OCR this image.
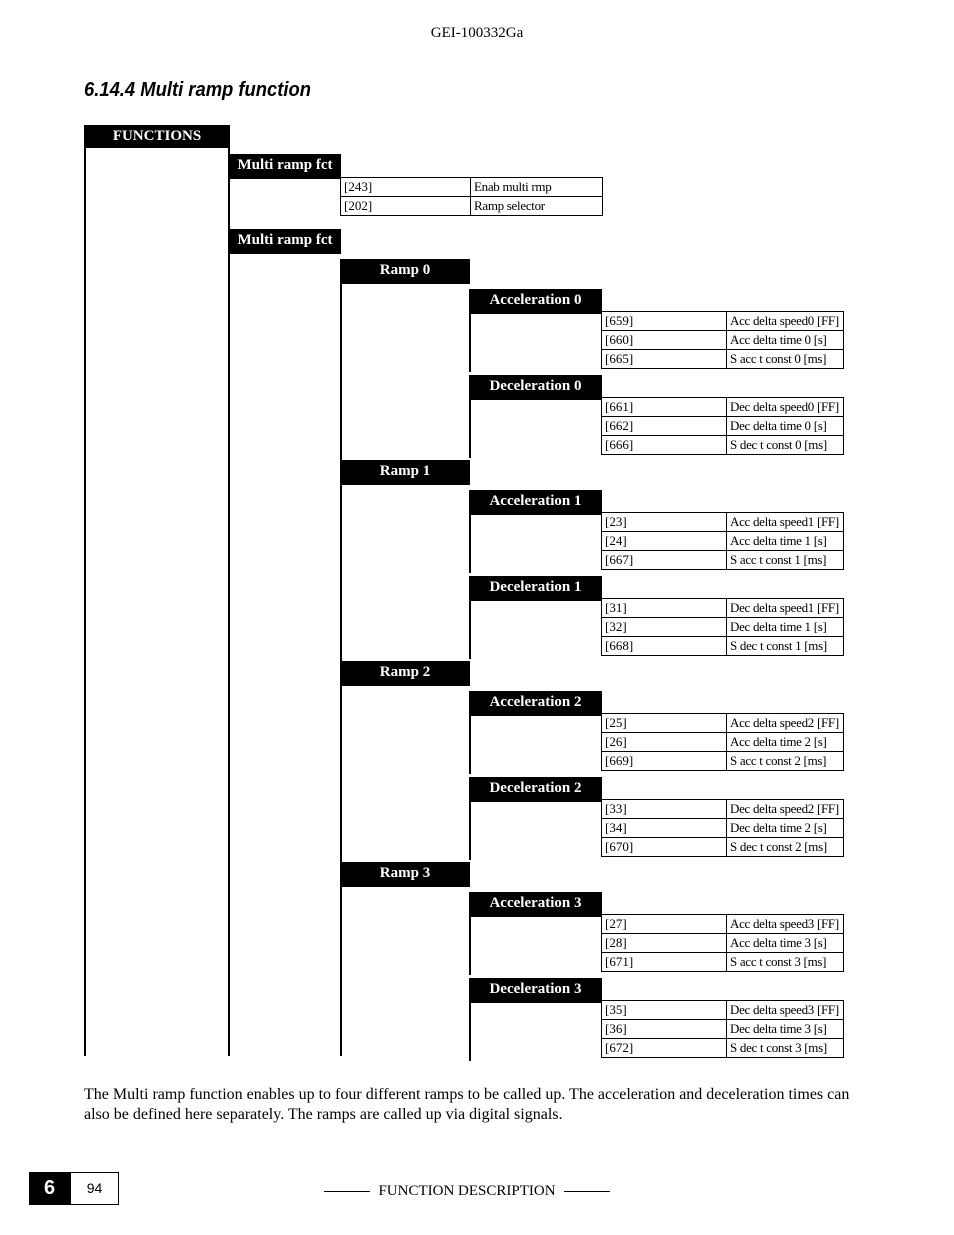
GEI-100332Ga
6.14.4 Multi ramp function
FUNCTIONS
Multi ramp fct
[243]	Enab multi rmp
[202]	Ramp selector
Multi ramp fct
Ramp 0
Acceleration 0
[659]	Acc delta speed0 [FF]
[660]	Acc delta time 0 [s]
[665]	S acc t const 0 [ms]
Deceleration 0
[661]	Dec delta speed0 [FF]
[662]	Dec delta time 0 [s]
[666]	S dec t const 0 [ms]
Ramp 1
Acceleration 1
[23]	Acc delta speed1 [FF]
[24]	Acc delta time 1 [s]
[667]	S acc t const 1 [ms]
Deceleration 1
[31]	Dec delta speed1 [FF]
[32]	Dec delta time 1 [s]
[668]	S dec t const 1 [ms]
Ramp 2
Acceleration 2
[25]	Acc delta speed2 [FF]
[26]	Acc delta time 2 [s]
[669]	S acc t const 2 [ms]
Deceleration 2
[33]	Dec delta speed2 [FF]
[34]	Dec delta time 2 [s]
[670]	S dec t const 2 [ms]
Ramp 3
Acceleration 3
[27]	Acc delta speed3 [FF]
[28]	Acc delta time 3 [s]
[671]	S acc t const 3 [ms]
Deceleration 3
[35]	Dec delta speed3 [FF]
[36]	Dec delta time 3 [s]
[672]	S dec t const 3 [ms]
The Multi ramp function enables up to four different ramps to be called up. The acceleration and deceleration times can also be defined here separately. The ramps are called up via digital signals.
6	94	FUNCTION DESCRIPTION
